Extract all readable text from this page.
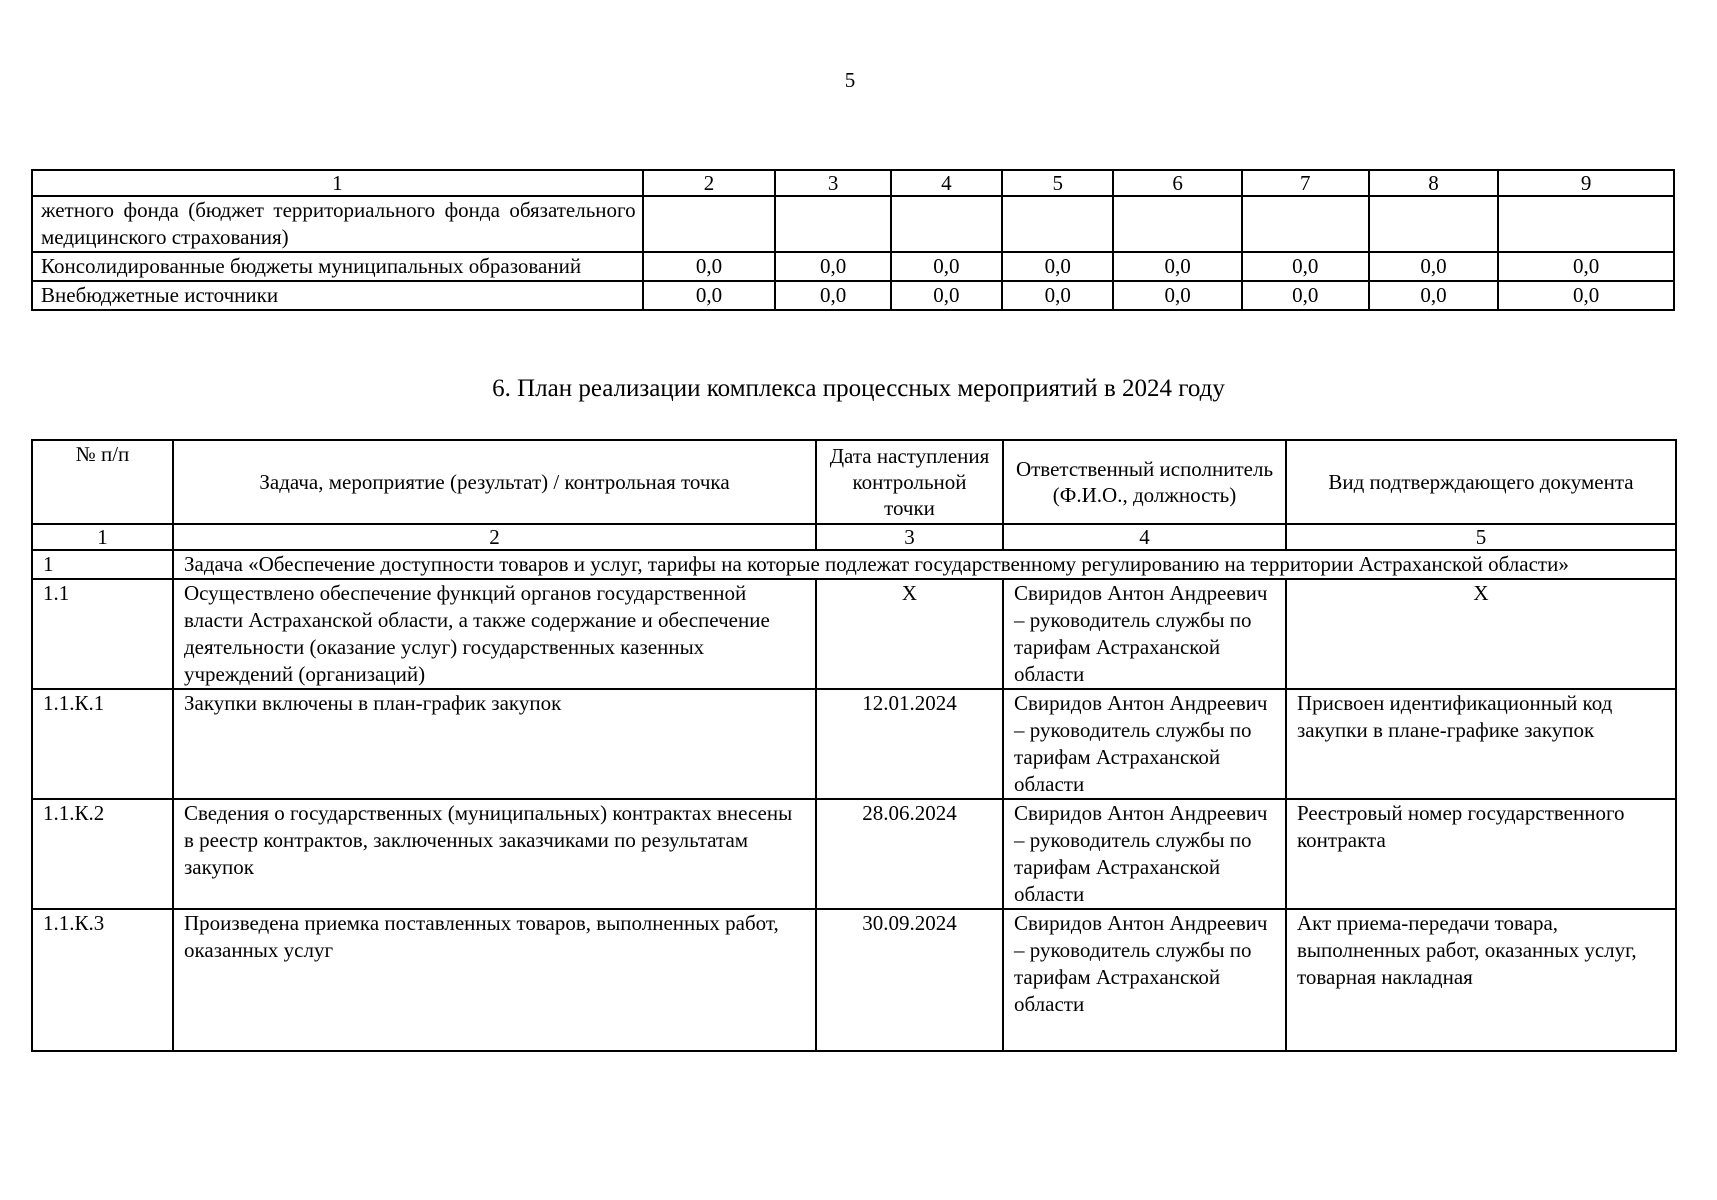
5
1	2	3	4	5	6	7	8	9
жетного фонда (бюджет территориального фонда обязательного медицинского страхования)								
Консолидированные бюджеты муниципальных образований	0,0	0,0	0,0	0,0	0,0	0,0	0,0	0,0
Внебюджетные источники	0,0	0,0	0,0	0,0	0,0	0,0	0,0	0,0
6. План реализации комплекса процессных мероприятий в 2024 году
№ п/п	Задача, мероприятие (результат) / контрольная точка	Дата наступления контрольной точки	Ответственный исполнитель (Ф.И.О., должность)	Вид подтверждающего документа
1	2	3	4	5
1	Задача «Обеспечение доступности товаров и услуг, тарифы на которые подлежат государственному регулированию на территории Астраханской области»			
1.1	Осуществлено обеспечение функций органов государственной власти Астраханской области, а также содержание и обеспечение деятельности (оказание услуг) государственных казенных учреждений (организаций)	X	Свиридов Антон Андреевич – руководитель службы по тарифам Астраханской области	X
1.1.К.1	Закупки включены в план-график закупок	12.01.2024	Свиридов Антон Андреевич – руководитель службы по тарифам Астраханской области	Присвоен идентификационный код закупки в плане-графике закупок
1.1.К.2	Сведения о государственных (муниципальных) контрактах внесены в реестр контрактов, заключенных заказчиками по результатам закупок	28.06.2024	Свиридов Антон Андреевич – руководитель службы по тарифам Астраханской области	Реестровый номер государственного контракта
1.1.К.3	Произведена приемка поставленных товаров, выполненных работ, оказанных услуг	30.09.2024	Свиридов Антон Андреевич – руководитель службы по тарифам Астраханской области	Акт приема-передачи товара, выполненных работ, оказанных услуг, товарная накладная
